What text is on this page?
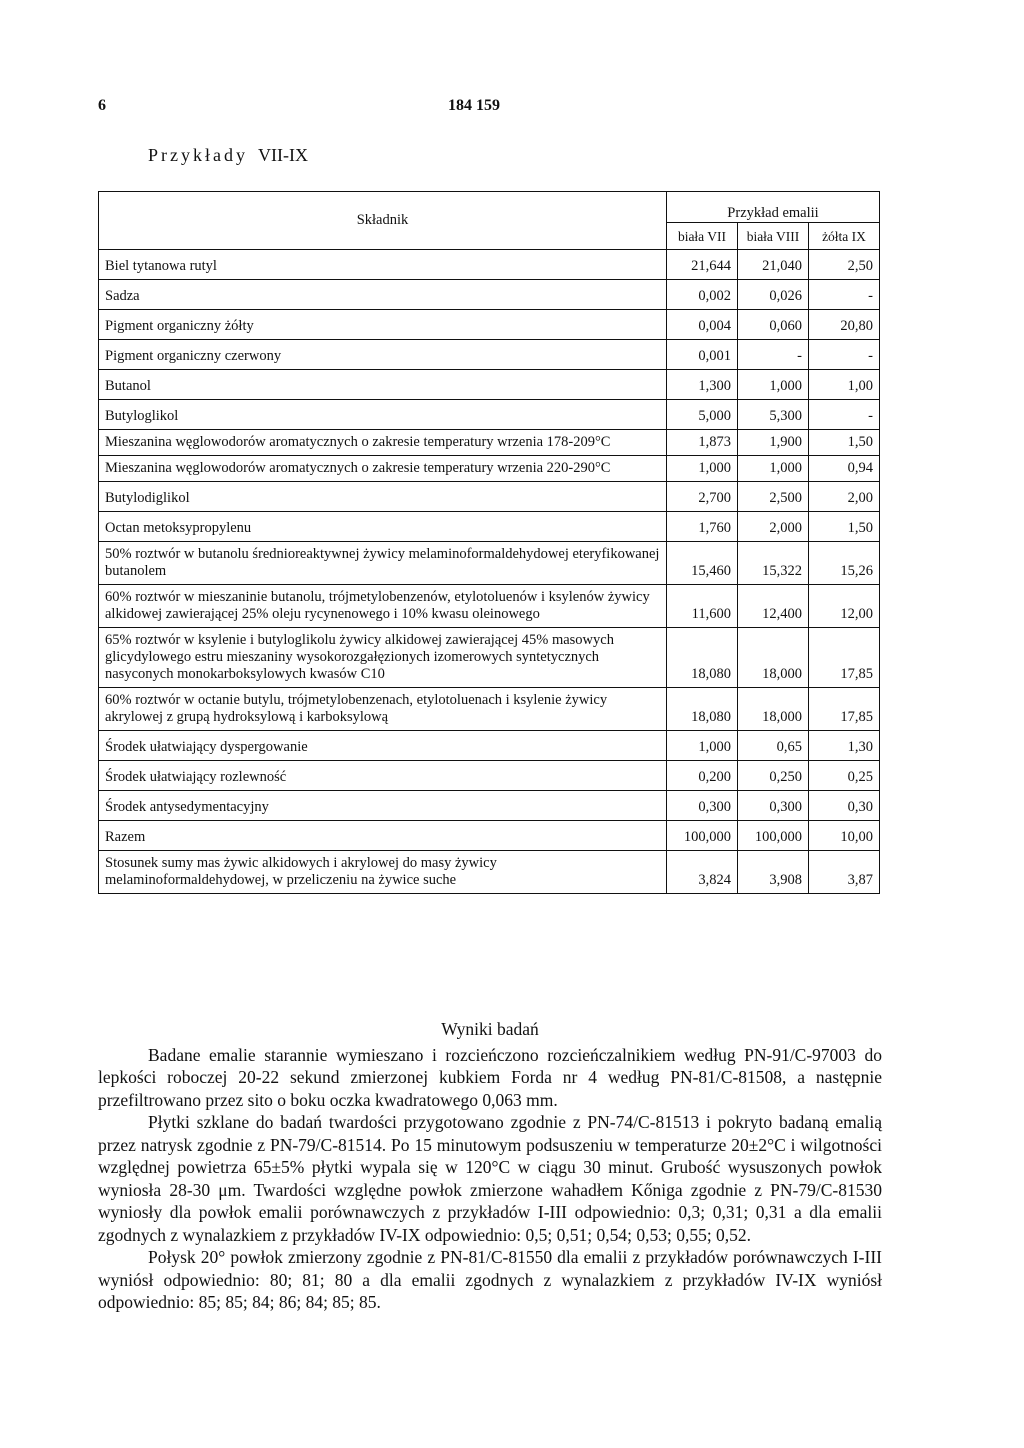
6	184 159
Przykłady VII-IX
Składnik	Przykład emalii		
	biała VII	biała VIII	żółta IX
Biel tytanowa rutyl	21,644	21,040	2,50
Sadza	0,002	0,026	-
Pigment organiczny żółty	0,004	0,060	20,80
Pigment organiczny czerwony	0,001	-	-
Butanol	1,300	1,000	1,00
Butyloglikol	5,000	5,300	-
Mieszanina węglowodorów aromatycznych o zakresie temperatury wrzenia 178-209°C	1,873	1,900	1,50
Mieszanina węglowodorów aromatycznych o zakresie temperatury wrzenia 220-290°C	1,000	1,000	0,94
Butylodiglikol	2,700	2,500	2,00
Octan metoksypropylenu	1,760	2,000	1,50
50% roztwór w butanolu średnioreaktywnej żywicy melaminoformaldehydowej eteryfikowanej butanolem	15,460	15,322	15,26
60% roztwór w mieszaninie butanolu, trójmetylobenzenów, etylotoluenów i ksylenów żywicy alkidowej zawierającej 25% oleju rycynenowego i 10% kwasu oleinowego	11,600	12,400	12,00
65% roztwór w ksylenie i butyloglikolu żywicy alkidowej zawierającej 45% masowych glicydylowego estru mieszaniny wysokorozgałęzionych izomerowych syntetycznych nasyconych monokarboksylowych kwasów C10	18,080	18,000	17,85
60% roztwór w octanie butylu, trójmetylobenzenach, etylotoluenach i ksylenie żywicy akrylowej z grupą hydroksylową i karboksylową	18,080	18,000	17,85
Środek ułatwiający dyspergowanie	1,000	0,65	1,30
Środek ułatwiający rozlewność	0,200	0,250	0,25
Środek antysedymentacyjny	0,300	0,300	0,30
Razem	100,000	100,000	10,00
Stosunek sumy mas żywic alkidowych i akrylowej do masy żywicy melaminoformaldehydowej, w przeliczeniu na żywice suche	3,824	3,908	3,87
Wyniki badań

Badane emalie starannie wymieszano i rozcieńczono rozcieńczalnikiem według PN-91/C-97003 do lepkości roboczej 20-22 sekund zmierzonej kubkiem Forda nr 4 według PN-81/C-81508, a następnie przefiltrowano przez sito o boku oczka kwadratowego 0,063 mm.

Płytki szklane do badań twardości przygotowano zgodnie z PN-74/C-81513 i pokryto badaną emalią przez natrysk zgodnie z PN-79/C-81514. Po 15 minutowym podsuszeniu w temperaturze 20±2°C i wilgotności względnej powietrza 65±5% płytki wypala się w 120°C w ciągu 30 minut. Grubość wysuszonych powłok wyniosła 28-30 μm. Twardości względne powłok zmierzone wahadłem Kőniga zgodnie z PN-79/C-81530 wyniosły dla powłok emalii porównawczych z przykładów I-III odpowiednio: 0,3; 0,31; 0,31 a dla emalii zgodnych z wynalazkiem z przykładów IV-IX odpowiednio: 0,5; 0,51; 0,54; 0,53; 0,55; 0,52.

Połysk 20° powłok zmierzony zgodnie z PN-81/C-81550 dla emalii z przykładów porównawczych I-III wyniósł odpowiednio: 80; 81; 80 a dla emalii zgodnych z wynalazkiem z przykładów IV-IX wyniósł odpowiednio: 85; 85; 84; 86; 84; 85; 85.
